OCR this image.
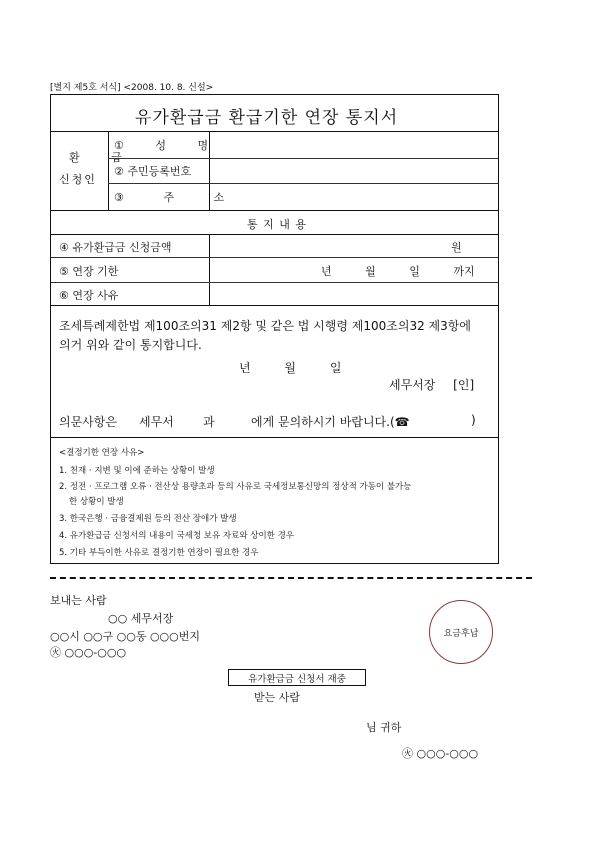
[별지 제5호 서식] <2008. 10. 8. 신설>
유가환급금 환급기한 연장 통지서
환 급
신청인
① 성 명
② 주민등록번호
③ 주 소
통 지 내 용
④ 유가환급금 신청금액	원
⑤ 연장 기한	년 월 일 까지
⑥ 연장 사유
조세특례제한법 제100조의31 제2항 및 같은 법 시행령 제100조의32 제3항에
의거 위와 같이 통지합니다.
년 월 일
세무서장 [인]
의문사항은 세무서 과	에게 문의하시기 바랍니다.(☎	)
<결정기한 연장 사유>
1. 천재 · 지변 및 이에 준하는 상황이 발생
2. 정전 · 프로그램 오류 · 전산상 용량초과 등의 사유로 국세정보통신망의 정상적 가동이 불가능
한 상황이 발생
3. 한국은행 · 금융결제원 등의 전산 장애가 발생
4. 유가환급금 신청서의 내용이 국세청 보유 자료와 상이한 경우
5. 기타 부득이한 사유로 결정기한 연장이 필요한 경우
보내는 사람
○○ 세무서장
○○시 ○○구 ○○동 ○○○번지
㊋ ○○○-○○○
요금후납
유가환급금 신청서 재중
받는 사람
님 귀하
㊋ ○○○-○○○
